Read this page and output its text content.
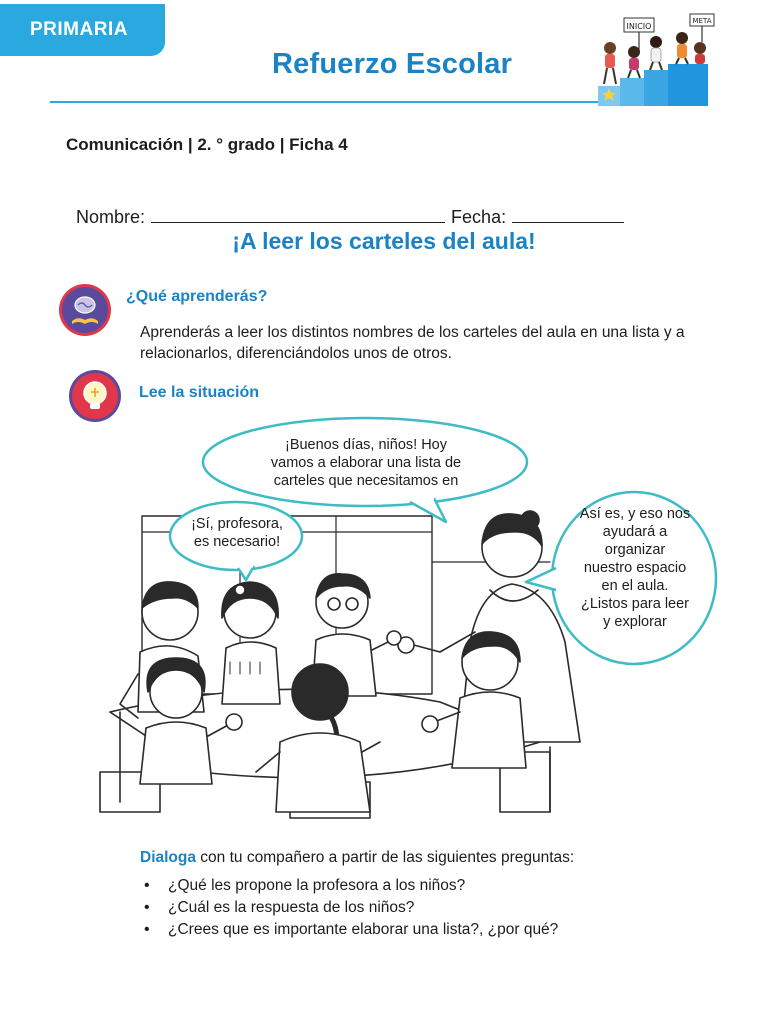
PRIMARIA
Refuerzo Escolar
INICIO
META
Comunicación | 2. ° grado | Ficha 4

Nombre:	Fecha:

¡A leer los carteles del aula!
¿Qué aprenderás?
Aprenderás a leer los distintos nombres de los carteles del aula en una lista y a relacionarlos, diferenciándolos unos de otros.
Lee la situación
¡Buenos días, niños! Hoy
vamos a elaborar una lista de
carteles que necesitamos en
¡Sí, profesora,
es necesario!
Así es, y eso nos
ayudará a
organizar
nuestro espacio
en el aula.
¿Listos para leer
y explorar
Dialoga con tu compañero a partir de las siguientes preguntas:
• ¿Qué les propone la profesora a los niños?
• ¿Cuál es la respuesta de los niños?
• ¿Crees que es importante elaborar una lista?, ¿por qué?
